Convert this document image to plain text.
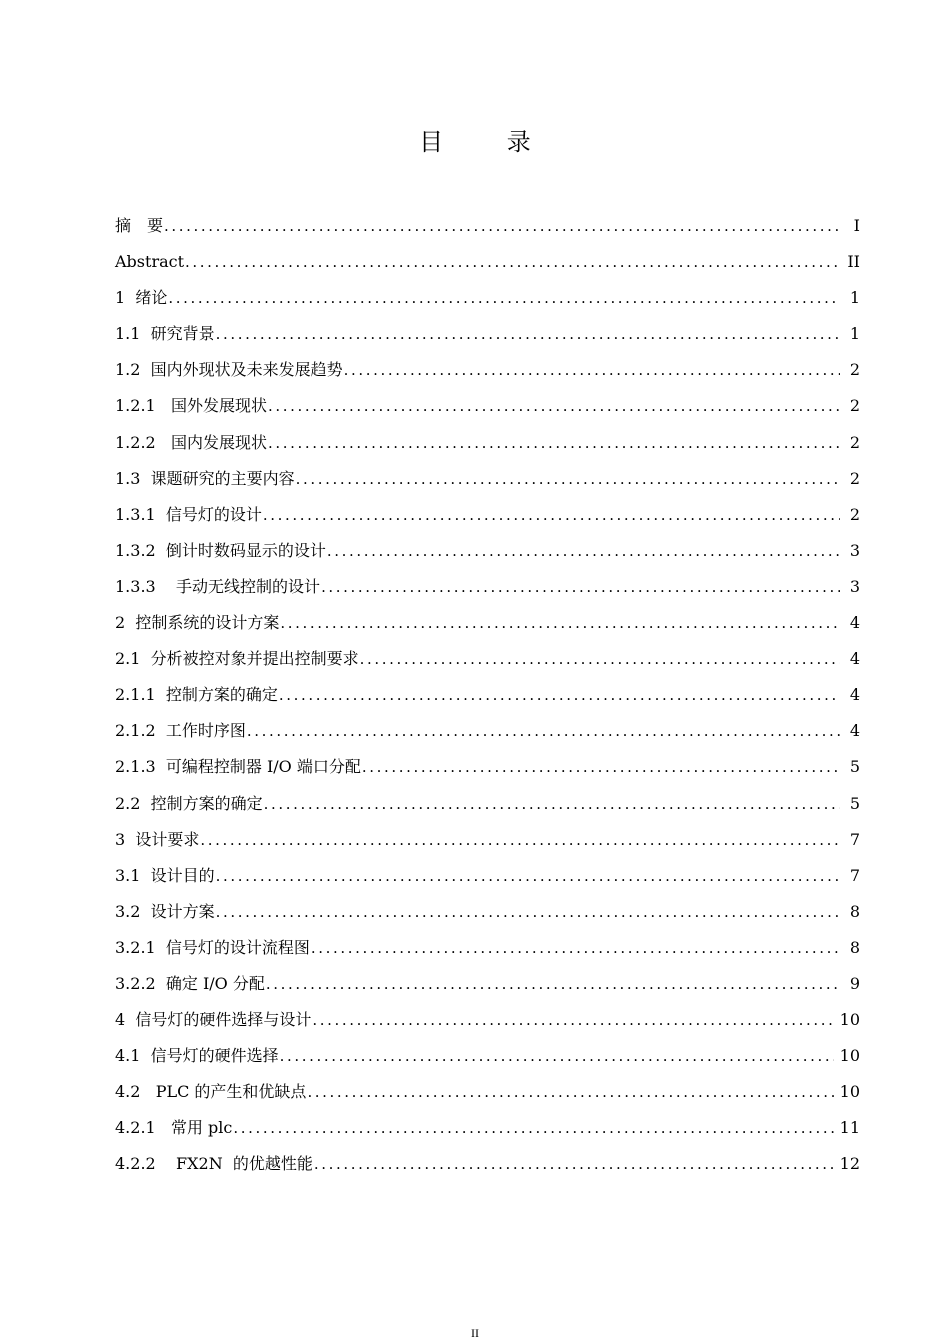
目 录
摘　要 .....	I
Abstract .....	II
1  绪论 .....	1
1.1  研究背景 .....	1
1.2  国内外现状及未来发展趋势 .....	2
1.2.1   国外发展现状 .....	2
1.2.2   国内发展现状 .....	2
1.3  课题研究的主要内容 .....	2
1.3.1  信号灯的设计 .....	2
1.3.2  倒计时数码显示的设计 .....	3
1.3.3    手动无线控制的设计 .....	3
2  控制系统的设计方案 .....	4
2.1  分析被控对象并提出控制要求 .....	4
2.1.1  控制方案的确定 .....	4
2.1.2  工作时序图 .....	4
2.1.3  可编程控制器 I/O 端口分配 .....	5
2.2  控制方案的确定 .....	5
3  设计要求 .....	7
3.1  设计目的 .....	7
3.2  设计方案 .....	8
3.2.1  信号灯的设计流程图 .....	8
3.2.2  确定 I/O 分配 .....	9
4  信号灯的硬件选择与设计 .....	10
4.1  信号灯的硬件选择 .....	10
4.2   PLC 的产生和优缺点 .....	10
4.2.1   常用 plc .....	11
4.2.2    FX2N  的优越性能 .....	12
II
